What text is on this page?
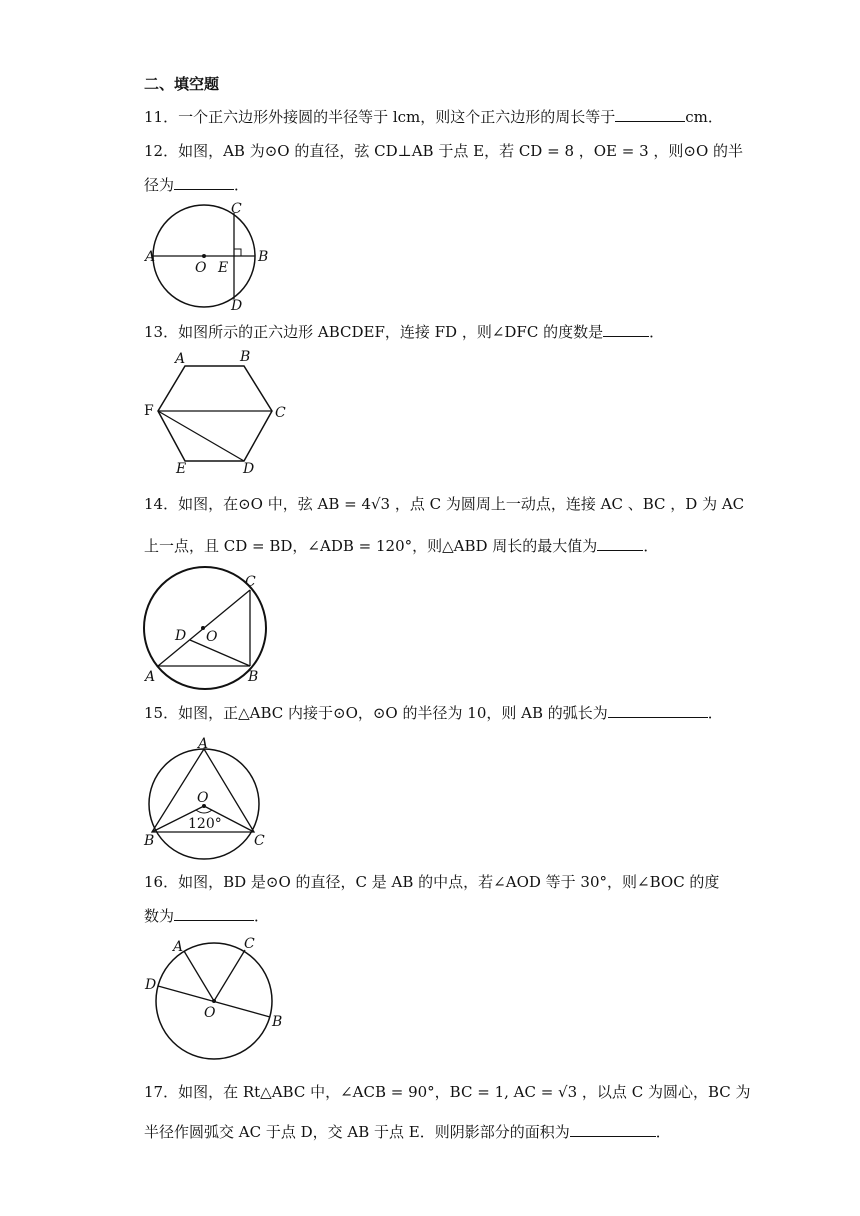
二、填空题
11．一个正六边形外接圆的半径等于 lcm，则这个正六边形的周长等于	cm．
12．如图，AB 为⊙O 的直径，弦 CD⊥AB 于点 E，若 CD = 8 ，OE = 3 ，则⊙O 的半
径为	．
A	B
C
D
O E
13．如图所示的正六边形 ABCDEF，连接 FD ，则∠DFC 的度数是	．
A	B
C
D
E
F
14．如图，在⊙O 中，弦 AB = 4√3 ，点 C 为圆周上一动点，连接 AC 、BC ，D 为 AC
上一点，且 CD = BD，∠ADB = 120°，则△ABD 周长的最大值为	．
C
D O
A	B
15．如图，正△ABC 内接于⊙O，⊙O 的半径为 10，则 AB 的弧长为	．
A
O
120°
B	C
16．如图，BD 是⊙O 的直径，C 是 AB 的中点，若∠AOD 等于 30°，则∠BOC 的度
数为	．
A	C
D
O
B
17．如图，在 Rt△ABC 中，∠ACB = 90°，BC = 1, AC = √3 ，以点 C 为圆心，BC 为
半径作圆弧交 AC 于点 D，交 AB 于点 E．则阴影部分的面积为	．
